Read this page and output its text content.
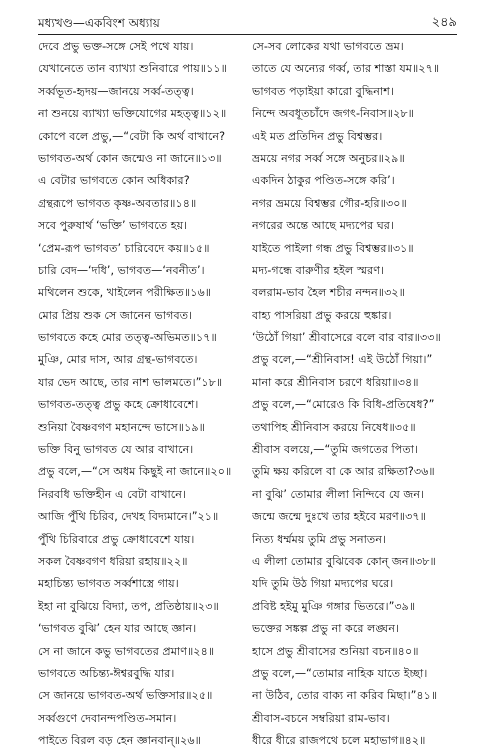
মধ্যখণ্ড—একবিংশ অধ্যায়	২৪৯
দেবে প্রভু ভক্ত-সঙ্গে সেই পথে যায়।
যেখানেতে তান ব্যাখ্যা শুনিবারে পায়॥১১॥
সর্ব্বভূত-হৃদয়—জানয়ে সর্ব্ব-তত্ত্ব।
না শুনয়ে ব্যাখ্যা ভক্তিযোগের মহত্ত্ব॥১২॥
কোপে বলে প্রভু,—“বেটা কি অর্থ বাখানে?
ভাগবত-অর্থ কোন জন্মেও না জানে॥১৩॥
এ বেটার ভাগবতে কোন অধিকার?
গ্রন্থরূপে ভাগবত কৃষ্ণ-অবতার॥১৪॥
সবে পুরুষার্থ ‘ভক্তি’ ভাগবতে হয়।
‘প্রেম-রূপ ভাগবত’ চারিবেদে কয়॥১৫॥
চারি বেদ—‘দধি’, ভাগবত—‘নবনীত’।
মথিলেন শুকে, খাইলেন পরীক্ষিত॥১৬॥
মোর প্রিয় শুক সে জানেন ভাগবত।
ভাগবতে কহে মোর তত্ত্ব-অভিমত॥১৭॥
মুঞি, মোর দাস, আর গ্রন্থ-ভাগবতে।
যার ভেদ আছে, তার নাশ ভালমতে।”১৮॥
ভাগবত-তত্ত্ব প্রভু কহে ক্রোধাবেশে।
শুনিয়া বৈষ্ণবগণ মহানন্দে ভাসে॥১৯॥
ভক্তি বিনু ভাগবত যে আর বাখানে।
প্রভু বলে,—“সে অধম কিছুই না জানে॥২০॥
নিরবধি ভক্তিহীন এ বেটা বাখানে।
আজি পুঁথি চিরিব, দেখহ বিদ্যমানে।”২১॥
পুঁথি চিরিবারে প্রভু ক্রোধাবেশে যায়।
সকল বৈষ্ণবগণ ধরিয়া রহায়॥২২॥
মহাচিন্ত্য ভাগবত সর্ব্বশাস্ত্রে গায়।
ইহা না বুঝিয়ে বিদ্যা, তপ, প্রতিষ্ঠায়॥২৩॥
‘ভাগবত বুঝি’ হেন যার আছে জ্ঞান।
সে না জানে কভু ভাগবতের প্রমাণ॥২৪॥
ভাগবতে অচিন্ত্য-ঈশ্বরবুদ্ধি যার।
সে জানয়ে ভাগবত-অর্থ ভক্তিসার॥২৫॥
সর্ব্বগুণে দেবানন্দপণ্ডিত-সমান।
পাইতে বিরল বড় হেন জ্ঞানবান্॥২৬॥
সে-সব লোকের যথা ভাগবতে ভ্রম।
তাতে যে অন্যের গর্ব্ব, তার শাস্তা যম॥২৭॥
ভাগবত পড়াইয়া কারো বুদ্ধিনাশ।
নিন্দে অবধূতচাঁদে জগৎ-নিবাস॥২৮॥
এই মত প্রতিদিন প্রভু বিশ্বম্ভর।
ভ্রময়ে নগর সর্ব্ব সঙ্গে অনুচর॥২৯॥
একদিন ঠাকুর পণ্ডিত-সঙ্গে করি’।
নগর ভ্রময়ে বিশ্বম্ভর গৌর-হরি॥৩০॥
নগরের অন্তে আছে মদ্যপের ঘর।
যাইতে পাইলা গন্ধ প্রভু বিশ্বম্ভর॥৩১॥
মদ্য-গন্ধে বারুণীর হইল স্মরণ।
বলরাম-ভাব হৈল শচীর নন্দন॥৩২॥
বাহ্য পাসরিয়া প্রভু করয়ে হুঙ্কার।
‘উঠোঁ গিয়া’ শ্রীবাসেরে বলে বার বার॥৩৩॥
প্রভু বলে,—“শ্রীনিবাস! এই উঠোঁ গিয়া।”
মানা করে শ্রীনিবাস চরণে ধরিয়া॥৩৪॥
প্রভু বলে,—“মোরেও কি বিধি-প্রতিষেধ?”
তথাপিহ শ্রীনিবাস করয়ে নিষেধ॥৩৫॥
শ্রীবাস বলয়ে,—“তুমি জগতের পিতা।
তুমি ক্ষয় করিলে বা কে আর রক্ষিতা?৩৬॥
না বুঝি’ তোমার লীলা নিন্দিবে যে জন।
জন্মে জন্মে দুঃখে তার হইবে মরণ॥৩৭॥
নিত্য ধর্ম্মময় তুমি প্রভু সনাতন।
এ লীলা তোমার বুঝিবেক কোন্ জন॥৩৮॥
যদি তুমি উঠ গিয়া মদ্যপের ঘরে।
প্রবিষ্ট হইমু মুঞি গঙ্গার ভিতরে।”৩৯॥
ভক্তের সঙ্কল্প প্রভু না করে লঙ্ঘন।
হাসে প্রভু শ্রীবাসের শুনিয়া বচন॥৪০॥
প্রভু বলে,—“তোমার নাহিক যাতে ইচ্ছা।
না উঠিব, তোর বাক্য না করিব মিছা।”৪১॥
শ্রীবাস-বচনে সম্বরিয়া রাম-ভাব।
ধীরে ধীরে রাজপথে চলে মহাভাগ॥৪২॥
